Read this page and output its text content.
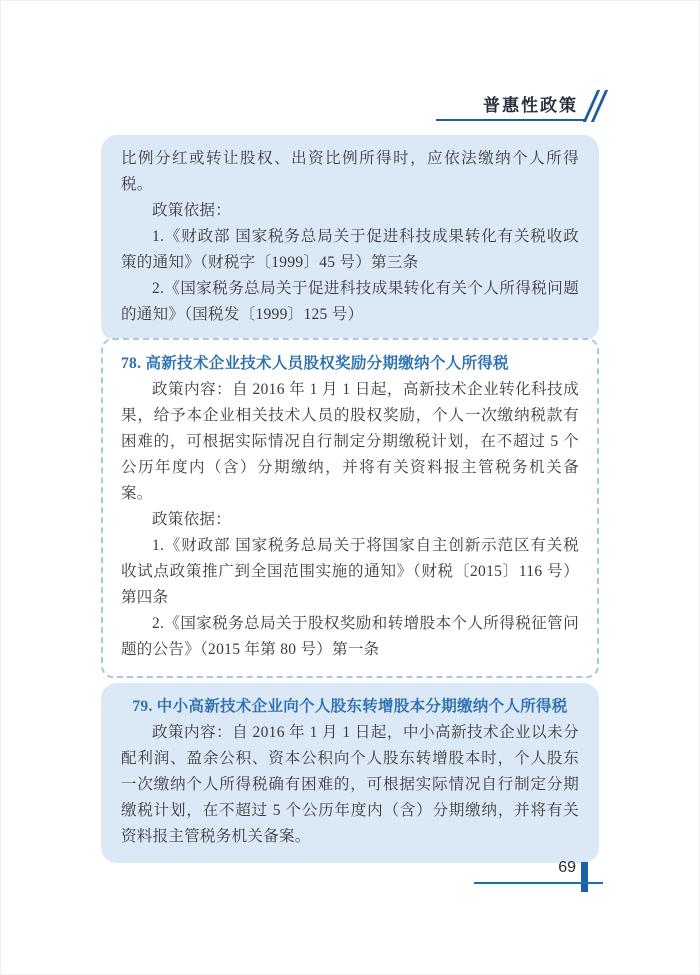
普惠性政策

比例分红或转让股权、出资比例所得时，应依法缴纳个人所得税。

政策依据：

1.《财政部 国家税务总局关于促进科技成果转化有关税收政策的通知》（财税字〔1999〕45 号）第三条

2.《国家税务总局关于促进科技成果转化有关个人所得税问题的通知》（国税发〔1999〕125 号）

78. 高新技术企业技术人员股权奖励分期缴纳个人所得税

政策内容：自 2016 年 1 月 1 日起，高新技术企业转化科技成果，给予本企业相关技术人员的股权奖励，个人一次缴纳税款有困难的，可根据实际情况自行制定分期缴税计划，在不超过 5 个公历年度内（含）分期缴纳，并将有关资料报主管税务机关备案。

政策依据：

1.《财政部 国家税务总局关于将国家自主创新示范区有关税收试点政策推广到全国范围实施的通知》（财税〔2015〕116 号）第四条

2.《国家税务总局关于股权奖励和转增股本个人所得税征管问题的公告》（2015 年第 80 号）第一条

79. 中小高新技术企业向个人股东转增股本分期缴纳个人所得税

政策内容：自 2016 年 1 月 1 日起，中小高新技术企业以未分配利润、盈余公积、资本公积向个人股东转增股本时，个人股东一次缴纳个人所得税确有困难的，可根据实际情况自行制定分期缴税计划，在不超过 5 个公历年度内（含）分期缴纳，并将有关资料报主管税务机关备案。

69
